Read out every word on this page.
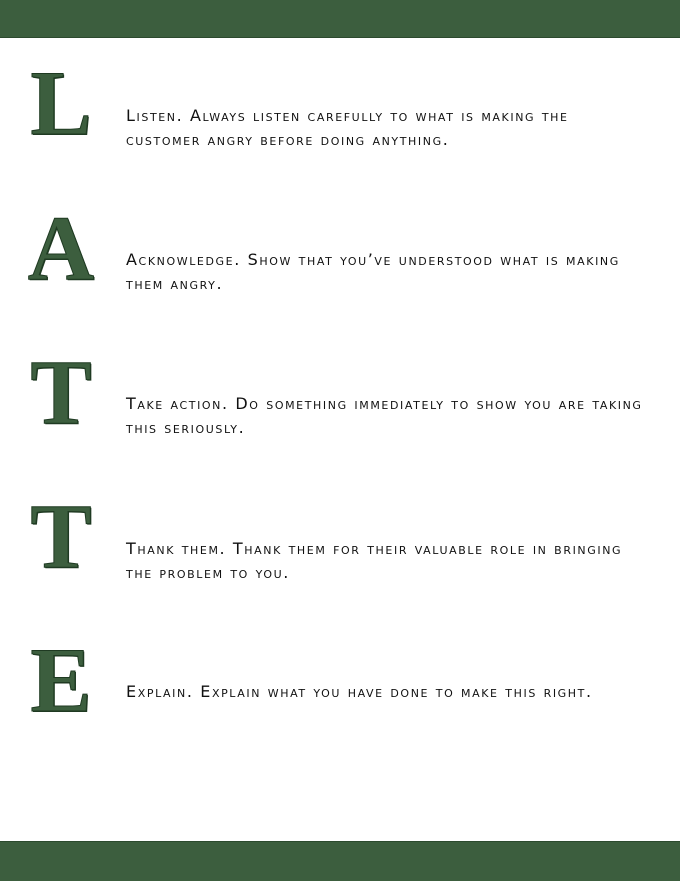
L	Listen. Always listen carefully to what is making the customer angry before doing anything.
A	Acknowledge. Show that you’ve understood what is making them angry.
T	Take action. Do something immediately to show you are taking this seriously.
T	Thank them. Thank them for their valuable role in bringing the problem to you.
E	Explain. Explain what you have done to make this right.
